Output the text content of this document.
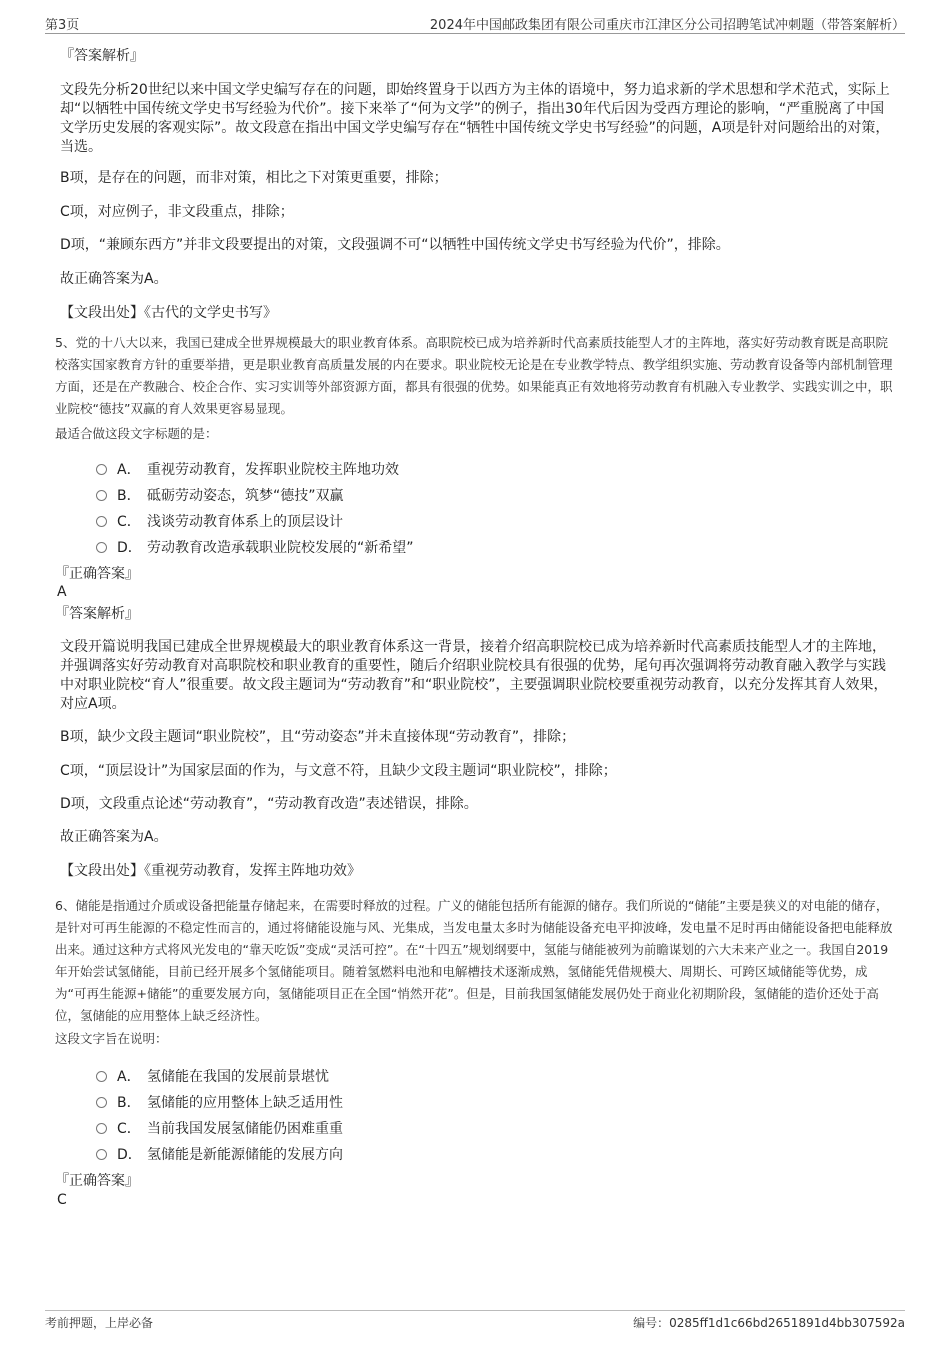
第3页	2024年中国邮政集团有限公司重庆市江津区分公司招聘笔试冲刺题（带答案解析）
『答案解析』
文段先分析20世纪以来中国文学史编写存在的问题，即始终置身于以西方为主体的语境中，努力追求新的学术思想和学术范式，实际上却“以牺牲中国传统文学史书写经验为代价”。接下来举了“何为文学”的例子，指出30年代后因为受西方理论的影响，“严重脱离了中国文学历史发展的客观实际”。故文段意在指出中国文学史编写存在“牺牲中国传统文学史书写经验”的问题，A项是针对问题给出的对策，当选。
B项，是存在的问题，而非对策，相比之下对策更重要，排除；
C项，对应例子，非文段重点，排除；
D项，“兼顾东西方”并非文段要提出的对策，文段强调不可“以牺牲中国传统文学史书写经验为代价”，排除。
故正确答案为A。
【文段出处】《古代的文学史书写》
5、党的十八大以来，我国已建成全世界规模最大的职业教育体系。高职院校已成为培养新时代高素质技能型人才的主阵地，落实好劳动教育既是高职院校落实国家教育方针的重要举措，更是职业教育高质量发展的内在要求。职业院校无论是在专业教学特点、教学组织实施、劳动教育设备等内部机制管理方面，还是在产教融合、校企合作、实习实训等外部资源方面，都具有很强的优势。如果能真正有效地将劳动教育有机融入专业教学、实践实训之中，职业院校“德技”双赢的育人效果更容易显现。
最适合做这段文字标题的是：
A． 重视劳动教育，发挥职业院校主阵地功效
B． 砥砺劳动姿态，筑梦“德技”双赢
C． 浅谈劳动教育体系上的顶层设计
D． 劳动教育改造承载职业院校发展的“新希望”
『正确答案』
A
『答案解析』
文段开篇说明我国已建成全世界规模最大的职业教育体系这一背景，接着介绍高职院校已成为培养新时代高素质技能型人才的主阵地，并强调落实好劳动教育对高职院校和职业教育的重要性，随后介绍职业院校具有很强的优势，尾句再次强调将劳动教育融入教学与实践中对职业院校“育人”很重要。故文段主题词为“劳动教育”和“职业院校”，主要强调职业院校要重视劳动教育，以充分发挥其育人效果，对应A项。
B项，缺少文段主题词“职业院校”，且“劳动姿态”并未直接体现“劳动教育”，排除；
C项，“顶层设计”为国家层面的作为，与文意不符，且缺少文段主题词“职业院校”，排除；
D项，文段重点论述“劳动教育”，“劳动教育改造”表述错误，排除。
故正确答案为A。
【文段出处】《重视劳动教育，发挥主阵地功效》
6、储能是指通过介质或设备把能量存储起来，在需要时释放的过程。广义的储能包括所有能源的储存。我们所说的“储能”主要是狭义的对电能的储存，是针对可再生能源的不稳定性而言的，通过将储能设施与风、光集成，当发电量太多时为储能设备充电平抑波峰，发电量不足时再由储能设备把电能释放出来。通过这种方式将风光发电的“靠天吃饭”变成“灵活可控”。在“十四五”规划纲要中，氢能与储能被列为前瞻谋划的六大未来产业之一。我国自2019年开始尝试氢储能，目前已经开展多个氢储能项目。随着氢燃料电池和电解槽技术逐渐成熟，氢储能凭借规模大、周期长、可跨区域储能等优势，成为“可再生能源+储能”的重要发展方向，氢储能项目正在全国“悄然开花”。但是，目前我国氢储能发展仍处于商业化初期阶段，氢储能的造价还处于高位，氢储能的应用整体上缺乏经济性。
这段文字旨在说明：
A． 氢储能在我国的发展前景堪忧
B． 氢储能的应用整体上缺乏适用性
C． 当前我国发展氢储能仍困难重重
D． 氢储能是新能源储能的发展方向
『正确答案』
C
考前押题，上岸必备	编号：0285ff1d1c66bd2651891d4bb307592a
